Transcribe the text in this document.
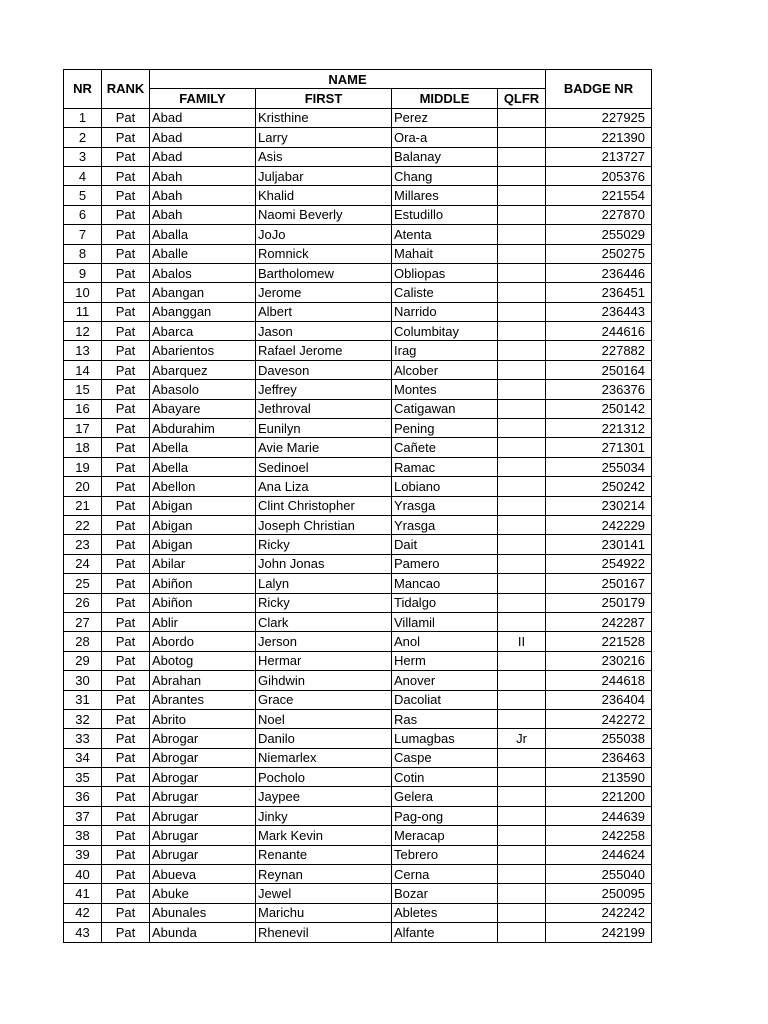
NR	RANK	NAME				BADGE NR
		FAMILY	FIRST	MIDDLE	QLFR	
1	Pat	Abad	Kristhine	Perez		227925
2	Pat	Abad	Larry	Ora-a		221390
3	Pat	Abad	Asis	Balanay		213727
4	Pat	Abah	Juljabar	Chang		205376
5	Pat	Abah	Khalid	Millares		221554
6	Pat	Abah	Naomi Beverly	Estudillo		227870
7	Pat	Aballa	JoJo	Atenta		255029
8	Pat	Aballe	Romnick	Mahait		250275
9	Pat	Abalos	Bartholomew	Obliopas		236446
10	Pat	Abangan	Jerome	Caliste		236451
11	Pat	Abanggan	Albert	Narrido		236443
12	Pat	Abarca	Jason	Columbitay		244616
13	Pat	Abarientos	Rafael Jerome	Irag		227882
14	Pat	Abarquez	Daveson	Alcober		250164
15	Pat	Abasolo	Jeffrey	Montes		236376
16	Pat	Abayare	Jethroval	Catigawan		250142
17	Pat	Abdurahim	Eunilyn	Pening		221312
18	Pat	Abella	Avie Marie	Cañete		271301
19	Pat	Abella	Sedinoel	Ramac		255034
20	Pat	Abellon	Ana Liza	Lobiano		250242
21	Pat	Abigan	Clint Christopher	Yrasga		230214
22	Pat	Abigan	Joseph Christian	Yrasga		242229
23	Pat	Abigan	Ricky	Dait		230141
24	Pat	Abilar	John Jonas	Pamero		254922
25	Pat	Abiñon	Lalyn	Mancao		250167
26	Pat	Abiñon	Ricky	Tidalgo		250179
27	Pat	Ablir	Clark	Villamil		242287
28	Pat	Abordo	Jerson	Anol	II	221528
29	Pat	Abotog	Hermar	Herm		230216
30	Pat	Abrahan	Gihdwin	Anover		244618
31	Pat	Abrantes	Grace	Dacoliat		236404
32	Pat	Abrito	Noel	Ras		242272
33	Pat	Abrogar	Danilo	Lumagbas	Jr	255038
34	Pat	Abrogar	Niemarlex	Caspe		236463
35	Pat	Abrogar	Pocholo	Cotin		213590
36	Pat	Abrugar	Jaypee	Gelera		221200
37	Pat	Abrugar	Jinky	Pag-ong		244639
38	Pat	Abrugar	Mark Kevin	Meracap		242258
39	Pat	Abrugar	Renante	Tebrero		244624
40	Pat	Abueva	Reynan	Cerna		255040
41	Pat	Abuke	Jewel	Bozar		250095
42	Pat	Abunales	Marichu	Abletes		242242
43	Pat	Abunda	Rhenevil	Alfante		242199
